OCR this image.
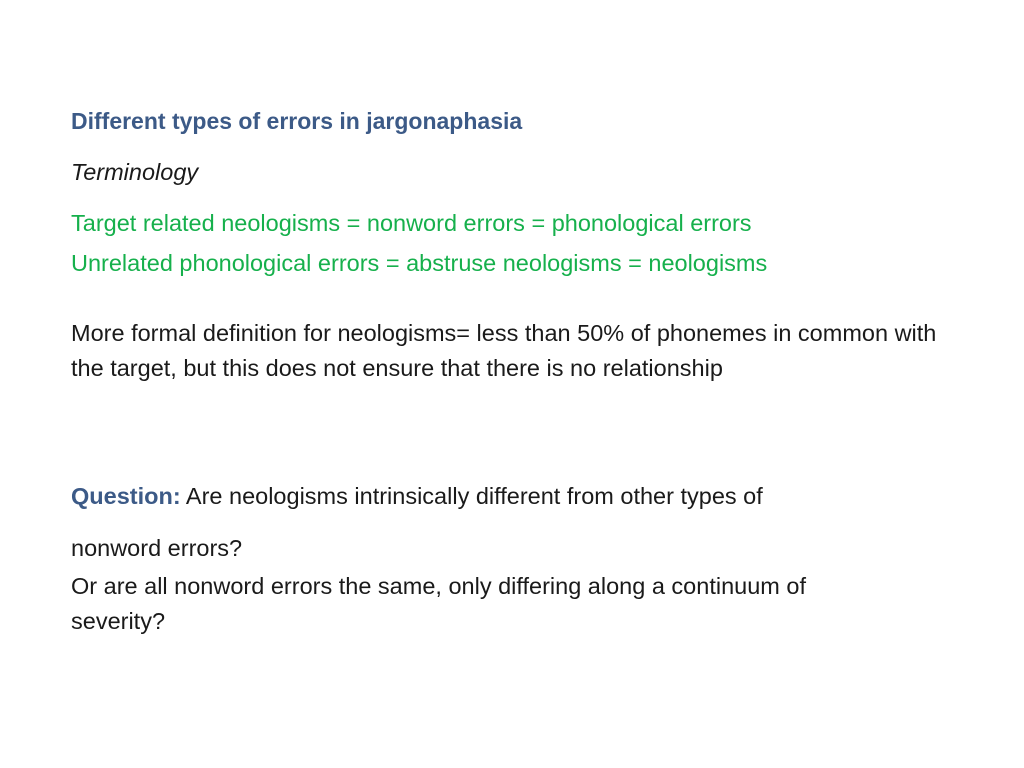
Different types of errors in jargonaphasia

Terminology

Target related neologisms = nonword errors = phonological errors

Unrelated phonological errors = abstruse neologisms = neologisms

More formal definition for neologisms= less than 50% of phonemes in common with the target, but this does not ensure that there is no relationship

Question: Are neologisms intrinsically different from other types of

nonword errors?

Or are all nonword errors the same, only differing along a continuum of

severity?
